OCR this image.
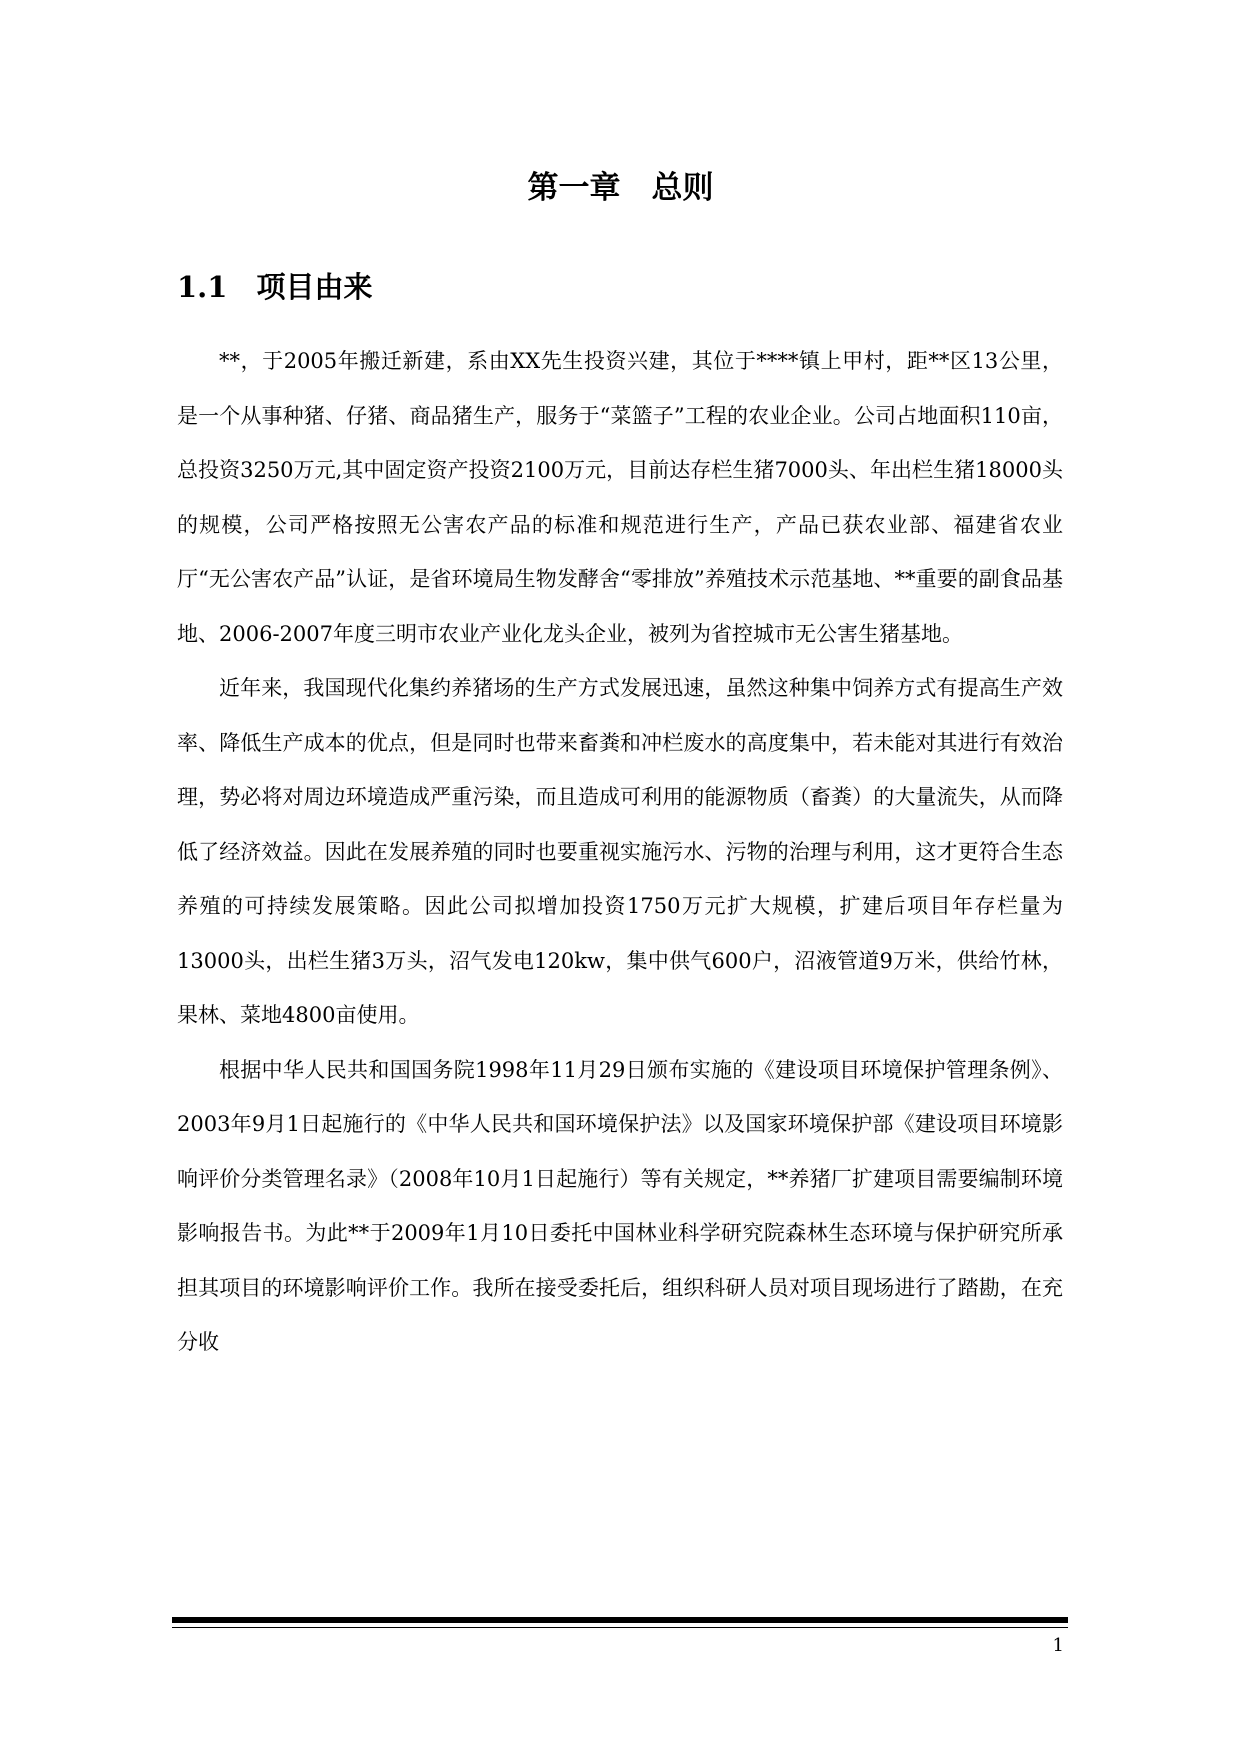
第一章　总则
1.1　项目由来

**，于2005年搬迁新建，系由XX先生投资兴建，其位于****镇上甲村，距**区13公里，是一个从事种猪、仔猪、商品猪生产，服务于“菜篮子”工程的农业企业。公司占地面积110亩，总投资3250万元,其中固定资产投资2100万元，目前达存栏生猪7000头、年出栏生猪18000头的规模，公司严格按照无公害农产品的标准和规范进行生产，产品已获农业部、福建省农业厅“无公害农产品”认证，是省环境局生物发酵舍“零排放”养殖技术示范基地、**重要的副食品基地、2006-2007年度三明市农业产业化龙头企业，被列为省控城市无公害生猪基地。

近年来，我国现代化集约养猪场的生产方式发展迅速，虽然这种集中饲养方式有提高生产效率、降低生产成本的优点，但是同时也带来畜粪和冲栏废水的高度集中，若未能对其进行有效治理，势必将对周边环境造成严重污染，而且造成可利用的能源物质（畜粪）的大量流失，从而降低了经济效益。因此在发展养殖的同时也要重视实施污水、污物的治理与利用，这才更符合生态养殖的可持续发展策略。因此公司拟增加投资1750万元扩大规模，扩建后项目年存栏量为13000头，出栏生猪3万头，沼气发电120kw，集中供气600户，沼液管道9万米，供给竹林，果林、菜地4800亩使用。

根据中华人民共和国国务院1998年11月29日颁布实施的《建设项目环境保护管理条例》、2003年9月1日起施行的《中华人民共和国环境保护法》以及国家环境保护部《建设项目环境影响评价分类管理名录》（2008年10月1日起施行）等有关规定，**养猪厂扩建项目需要编制环境影响报告书。为此**于2009年1月10日委托中国林业科学研究院森林生态环境与保护研究所承担其项目的环境影响评价工作。我所在接受委托后，组织科研人员对项目现场进行了踏勘，在充分收

1
